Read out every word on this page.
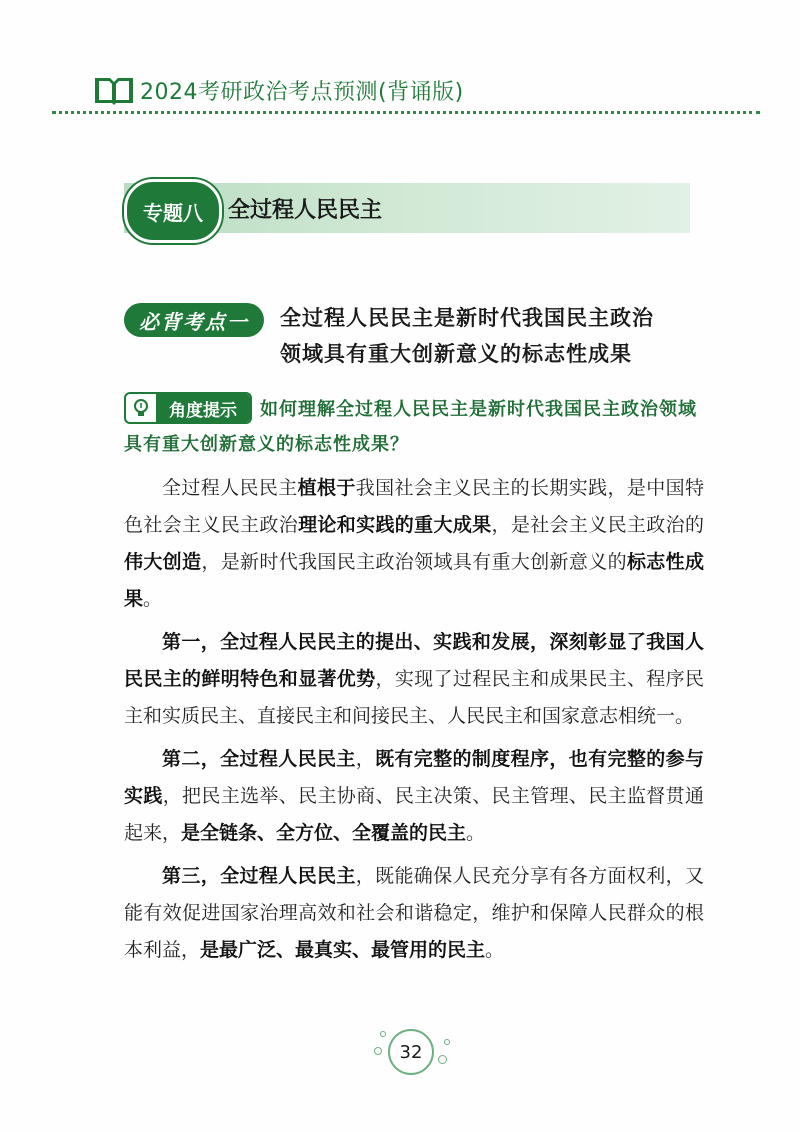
2024考研政治考点预测(背诵版)
专题八	全过程人民民主
必背考点一	全过程人民民主是新时代我国民主政治
领域具有重大创新意义的标志性成果
如何理解全过程人民民主是新时代我国民主政治领域具有重大创新意义的标志性成果？
角度提示

全过程人民民主植根于我国社会主义民主的长期实践，是中国特色社会主义民主政治理论和实践的重大成果，是社会主义民主政治的伟大创造，是新时代我国民主政治领域具有重大创新意义的标志性成果。

第一，全过程人民民主的提出、实践和发展，深刻彰显了我国人民民主的鲜明特色和显著优势，实现了过程民主和成果民主、程序民主和实质民主、直接民主和间接民主、人民民主和国家意志相统一。

第二，全过程人民民主，既有完整的制度程序，也有完整的参与实践，把民主选举、民主协商、民主决策、民主管理、民主监督贯通起来，是全链条、全方位、全覆盖的民主。

第三，全过程人民民主，既能确保人民充分享有各方面权利，又能有效促进国家治理高效和社会和谐稳定，维护和保障人民群众的根本利益，是最广泛、最真实、最管用的民主。

32
